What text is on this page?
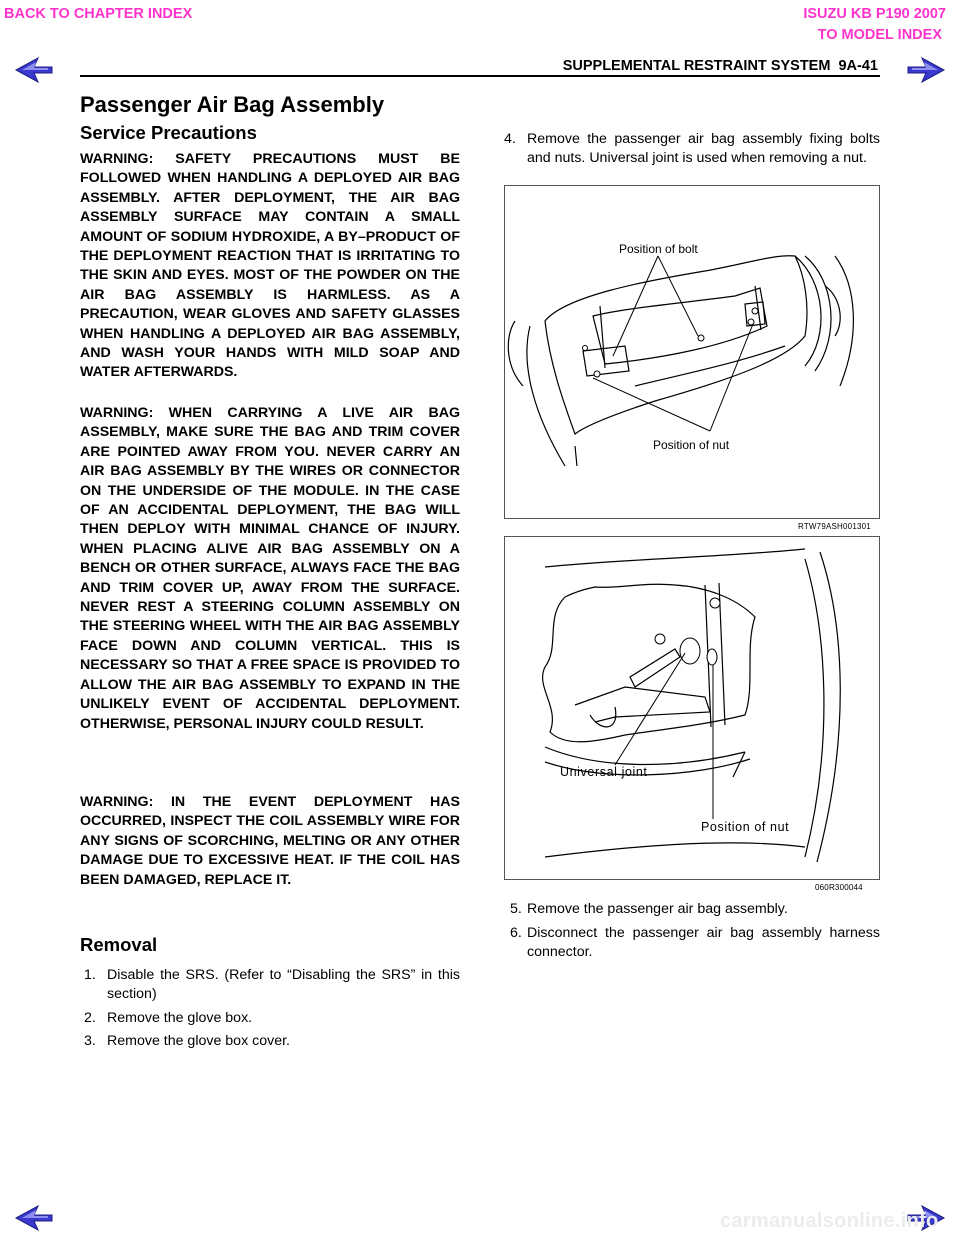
BACK TO CHAPTER INDEX	ISUZU KB P190 2007
TO MODEL INDEX
SUPPLEMENTAL RESTRAINT SYSTEM  9A-41
Passenger Air Bag Assembly
Service Precautions

WARNING: SAFETY PRECAUTIONS MUST BE FOLLOWED WHEN HANDLING A DEPLOYED AIR BAG ASSEMBLY. AFTER DEPLOYMENT, THE AIR BAG ASSEMBLY SURFACE MAY CONTAIN A SMALL AMOUNT OF SODIUM HYDROXIDE, A BY–PRODUCT OF THE DEPLOYMENT REACTION THAT IS IRRITATING TO THE SKIN AND EYES. MOST OF THE POWDER ON THE AIR BAG ASSEMBLY IS HARMLESS. AS A PRECAUTION, WEAR GLOVES AND SAFETY GLASSES WHEN HANDLING A DEPLOYED AIR BAG ASSEMBLY, AND WASH YOUR HANDS WITH MILD SOAP AND WATER AFTERWARDS.

WARNING: WHEN CARRYING A LIVE AIR BAG ASSEMBLY, MAKE SURE THE BAG AND TRIM COVER ARE POINTED AWAY FROM YOU. NEVER CARRY AN AIR BAG ASSEMBLY BY THE WIRES OR CONNECTOR ON THE UNDERSIDE OF THE MODULE. IN THE CASE OF AN ACCIDENTAL DEPLOYMENT, THE BAG WILL THEN DEPLOY WITH MINIMAL CHANCE OF INJURY. WHEN PLACING ALIVE AIR BAG ASSEMBLY ON A BENCH OR OTHER SURFACE, ALWAYS FACE THE BAG AND TRIM COVER UP, AWAY FROM THE SURFACE. NEVER REST A STEERING COLUMN ASSEMBLY ON THE STEERING WHEEL WITH THE AIR BAG ASSEMBLY FACE DOWN AND COLUMN VERTICAL. THIS IS NECESSARY SO THAT A FREE SPACE IS PROVIDED TO ALLOW THE AIR BAG ASSEMBLY TO EXPAND IN THE UNLIKELY EVENT OF ACCIDENTAL DEPLOYMENT. OTHERWISE, PERSONAL INJURY COULD RESULT.

WARNING: IN THE EVENT DEPLOYMENT HAS OCCURRED, INSPECT THE COIL ASSEMBLY WIRE FOR ANY SIGNS OF SCORCHING, MELTING OR ANY OTHER DAMAGE DUE TO EXCESSIVE HEAT. IF THE COIL HAS BEEN DAMAGED, REPLACE IT.

Removal
1. Disable the SRS. (Refer to “Disabling the SRS” in this section)
2. Remove the glove box.
3. Remove the glove box cover.
4. Remove the passenger air bag assembly fixing bolts and nuts. Universal joint is used when removing a nut.
Position of bolt
Position of nut
RTW79ASH001301
Universal joint
Position of nut
060R300044
5. Remove the passenger air bag assembly.
6. Disconnect the passenger air bag assembly harness connector.
carmanualsonline.info
